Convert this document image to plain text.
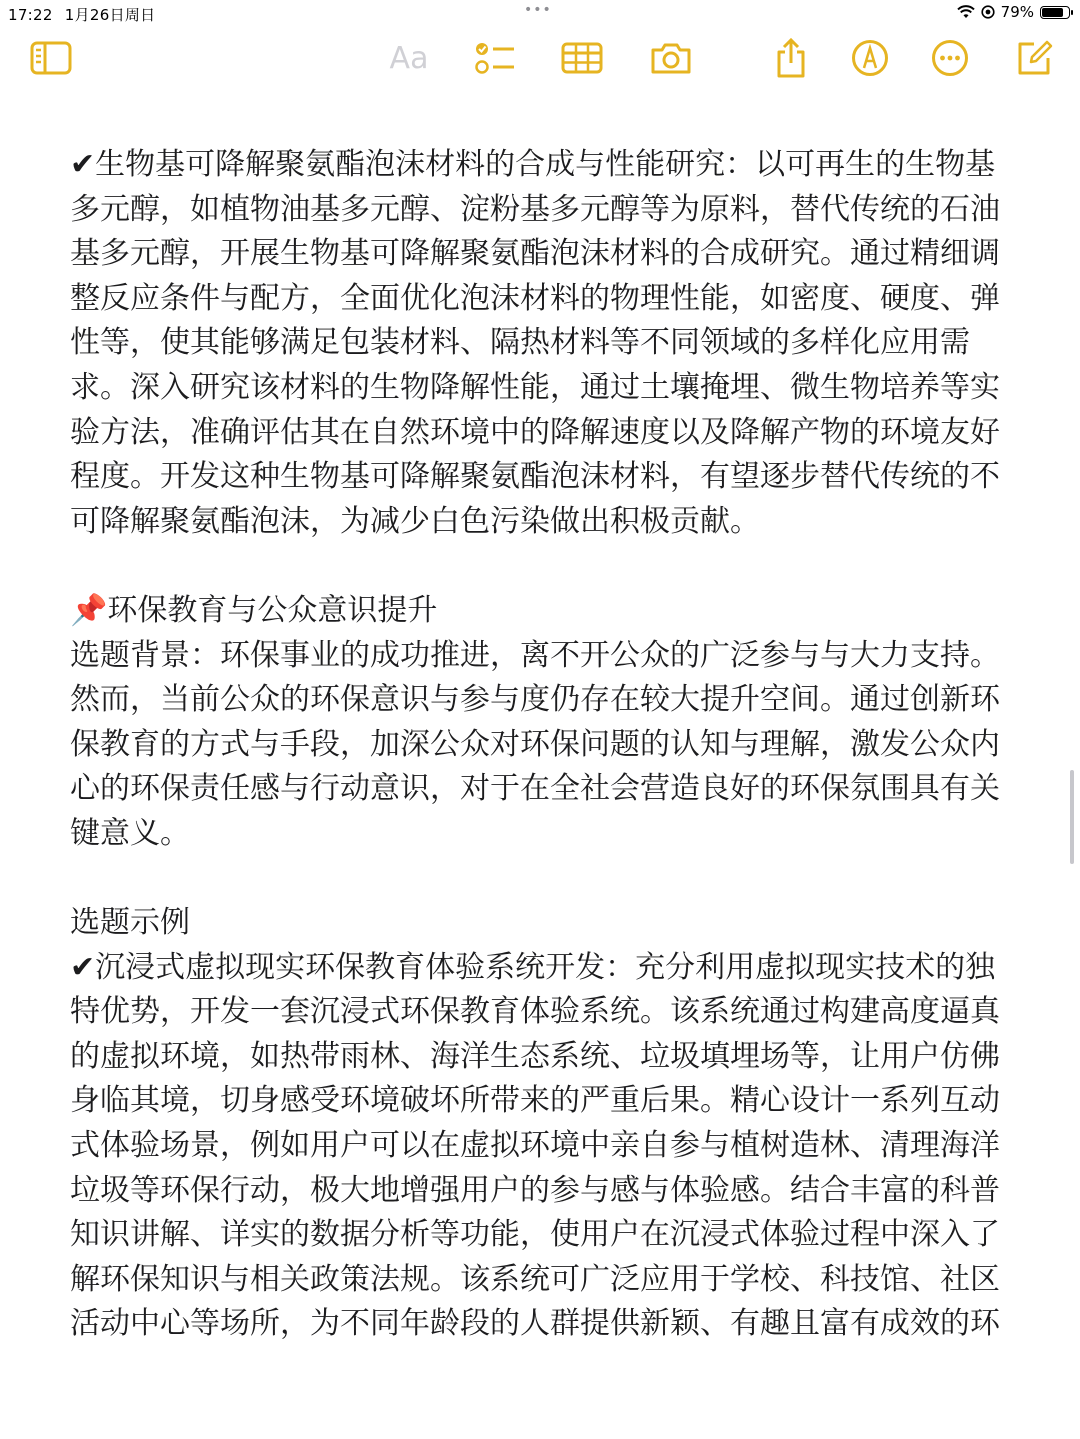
17:22 1月26日周日	•••	79%
Aa

✔生物基可降解聚氨酯泡沫材料的合成与性能研究：以可再生的生物基多元醇，如植物油基多元醇、淀粉基多元醇等为原料，替代传统的石油基多元醇，开展生物基可降解聚氨酯泡沫材料的合成研究。通过精细调整反应条件与配方，全面优化泡沫材料的物理性能，如密度、硬度、弹性等，使其能够满足包装材料、隔热材料等不同领域的多样化应用需求。深入研究该材料的生物降解性能，通过土壤掩埋、微生物培养等实验方法，准确评估其在自然环境中的降解速度以及降解产物的环境友好程度。开发这种生物基可降解聚氨酯泡沫材料，有望逐步替代传统的不可降解聚氨酯泡沫，为减少白色污染做出积极贡献。

📌环保教育与公众意识提升

选题背景：环保事业的成功推进，离不开公众的广泛参与与大力支持。然而，当前公众的环保意识与参与度仍存在较大提升空间。通过创新环保教育的方式与手段，加深公众对环保问题的认知与理解，激发公众内心的环保责任感与行动意识，对于在全社会营造良好的环保氛围具有关键意义。

选题示例

✔沉浸式虚拟现实环保教育体验系统开发：充分利用虚拟现实技术的独特优势，开发一套沉浸式环保教育体验系统。该系统通过构建高度逼真的虚拟环境，如热带雨林、海洋生态系统、垃圾填埋场等，让用户仿佛身临其境，切身感受环境破坏所带来的严重后果。精心设计一系列互动式体验场景，例如用户可以在虚拟环境中亲自参与植树造林、清理海洋垃圾等环保行动，极大地增强用户的参与感与体验感。结合丰富的科普知识讲解、详实的数据分析等功能，使用户在沉浸式体验过程中深入了解环保知识与相关政策法规。该系统可广泛应用于学校、科技馆、社区活动中心等场所，为不同年龄段的人群提供新颖、有趣且富有成效的环
